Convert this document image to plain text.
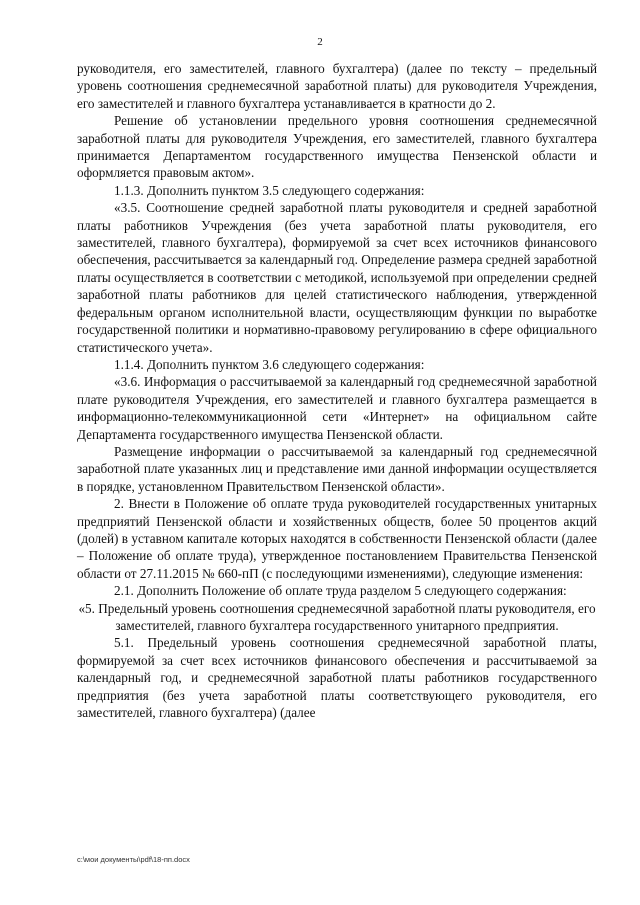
2

руководителя, его заместителей, главного бухгалтера) (далее по тексту – предельный уровень соотношения среднемесячной заработной платы) для руководителя Учреждения, его заместителей и главного бухгалтера устанавливается в кратности до 2.

Решение об установлении предельного уровня соотношения среднемесячной заработной платы для руководителя Учреждения, его заместителей, главного бухгалтера принимается Департаментом государственного имущества Пензенской области и оформляется правовым актом».

1.1.3. Дополнить пунктом 3.5 следующего содержания:

«3.5. Соотношение средней заработной платы руководителя и средней заработной платы работников Учреждения (без учета заработной платы руководителя, его заместителей, главного бухгалтера), формируемой за счет всех источников финансового обеспечения, рассчитывается за календарный год. Определение размера средней заработной платы осуществляется в соответствии с методикой, используемой при определении средней заработной платы работников для целей статистического наблюдения, утвержденной федеральным органом исполнительной власти, осуществляющим функции по выработке государственной политики и нормативно-правовому регулированию в сфере официального статистического учета».

1.1.4. Дополнить пунктом 3.6 следующего содержания:

«3.6. Информация о рассчитываемой за календарный год среднемесячной заработной плате руководителя Учреждения, его заместителей и главного бухгалтера размещается в информационно-телекоммуникационной сети «Интернет» на официальном сайте Департамента государственного имущества Пензенской области.

Размещение информации о рассчитываемой за календарный год среднемесячной заработной плате указанных лиц и представление ими данной информации осуществляется в порядке, установленном Правительством Пензенской области».

2. Внести в Положение об оплате труда руководителей государственных унитарных предприятий Пензенской области и хозяйственных обществ, более 50 процентов акций (долей) в уставном капитале которых находятся в собственности Пензенской области (далее – Положение об оплате труда), утвержденное постановлением Правительства Пензенской области от 27.11.2015 № 660-пП (с последующими изменениями), следующие изменения:

2.1. Дополнить Положение об оплате труда разделом 5 следующего содержания:

«5. Предельный уровень соотношения среднемесячной заработной платы руководителя, его заместителей, главного бухгалтера государственного унитарного предприятия.

5.1. Предельный уровень соотношения среднемесячной заработной платы, формируемой за счет всех источников финансового обеспечения и рассчитываемой за календарный год, и среднемесячной заработной платы работников государственного предприятия (без учета заработной платы соответствующего руководителя, его заместителей, главного бухгалтера) (далее

c:\мои документы\pdf\18-пп.docx
